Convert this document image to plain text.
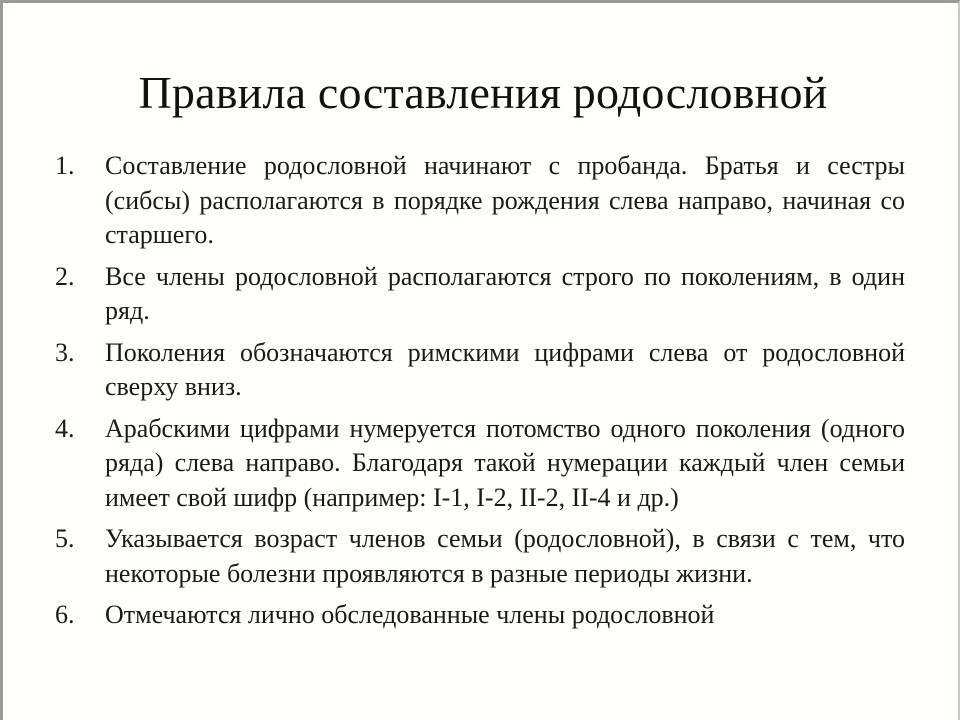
Правила составления родословной
1.	Составление родословной начинают с пробанда. Братья и сестры (сибсы) располагаются в порядке рождения слева направо, начиная со старшего.
2.	Все члены родословной располагаются строго по поколениям, в один ряд.
3.	Поколения обозначаются римскими цифрами слева от родословной сверху вниз.
4.	Арабскими цифрами нумеруется потомство одного поколения (одного ряда) слева направо. Благодаря такой нумерации каждый член семьи имеет свой шифр (например: I-1, I-2, II-2, II-4 и др.)
5.	Указывается возраст членов семьи (родословной), в связи с тем, что некоторые болезни проявляются в разные периоды жизни.
6.	Отмечаются лично обследованные члены родословной
